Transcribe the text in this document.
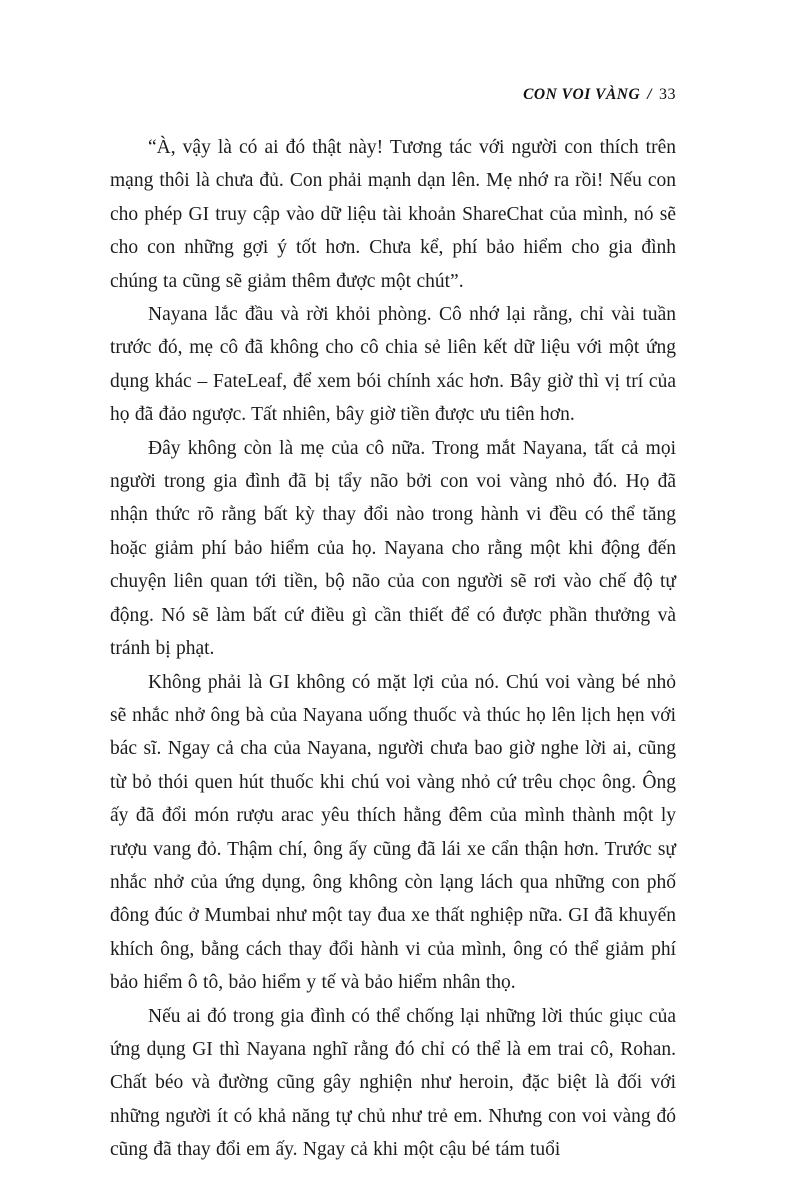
CON VOI VÀNG / 33

“À, vậy là có ai đó thật này! Tương tác với người con thích trên mạng thôi là chưa đủ. Con phải mạnh dạn lên. Mẹ nhớ ra rồi! Nếu con cho phép GI truy cập vào dữ liệu tài khoản ShareChat của mình, nó sẽ cho con những gợi ý tốt hơn. Chưa kể, phí bảo hiểm cho gia đình chúng ta cũng sẽ giảm thêm được một chút”.

Nayana lắc đầu và rời khỏi phòng. Cô nhớ lại rằng, chỉ vài tuần trước đó, mẹ cô đã không cho cô chia sẻ liên kết dữ liệu với một ứng dụng khác – FateLeaf, để xem bói chính xác hơn. Bây giờ thì vị trí của họ đã đảo ngược. Tất nhiên, bây giờ tiền được ưu tiên hơn.

Đây không còn là mẹ của cô nữa. Trong mắt Nayana, tất cả mọi người trong gia đình đã bị tẩy não bởi con voi vàng nhỏ đó. Họ đã nhận thức rõ rằng bất kỳ thay đổi nào trong hành vi đều có thể tăng hoặc giảm phí bảo hiểm của họ. Nayana cho rằng một khi động đến chuyện liên quan tới tiền, bộ não của con người sẽ rơi vào chế độ tự động. Nó sẽ làm bất cứ điều gì cần thiết để có được phần thưởng và tránh bị phạt.

Không phải là GI không có mặt lợi của nó. Chú voi vàng bé nhỏ sẽ nhắc nhở ông bà của Nayana uống thuốc và thúc họ lên lịch hẹn với bác sĩ. Ngay cả cha của Nayana, người chưa bao giờ nghe lời ai, cũng từ bỏ thói quen hút thuốc khi chú voi vàng nhỏ cứ trêu chọc ông. Ông ấy đã đổi món rượu arac yêu thích hằng đêm của mình thành một ly rượu vang đỏ. Thậm chí, ông ấy cũng đã lái xe cẩn thận hơn. Trước sự nhắc nhở của ứng dụng, ông không còn lạng lách qua những con phố đông đúc ở Mumbai như một tay đua xe thất nghiệp nữa. GI đã khuyến khích ông, bằng cách thay đổi hành vi của mình, ông có thể giảm phí bảo hiểm ô tô, bảo hiểm y tế và bảo hiểm nhân thọ.

Nếu ai đó trong gia đình có thể chống lại những lời thúc giục của ứng dụng GI thì Nayana nghĩ rằng đó chỉ có thể là em trai cô, Rohan. Chất béo và đường cũng gây nghiện như heroin, đặc biệt là đối với những người ít có khả năng tự chủ như trẻ em. Nhưng con voi vàng đó cũng đã thay đổi em ấy. Ngay cả khi một cậu bé tám tuổi
